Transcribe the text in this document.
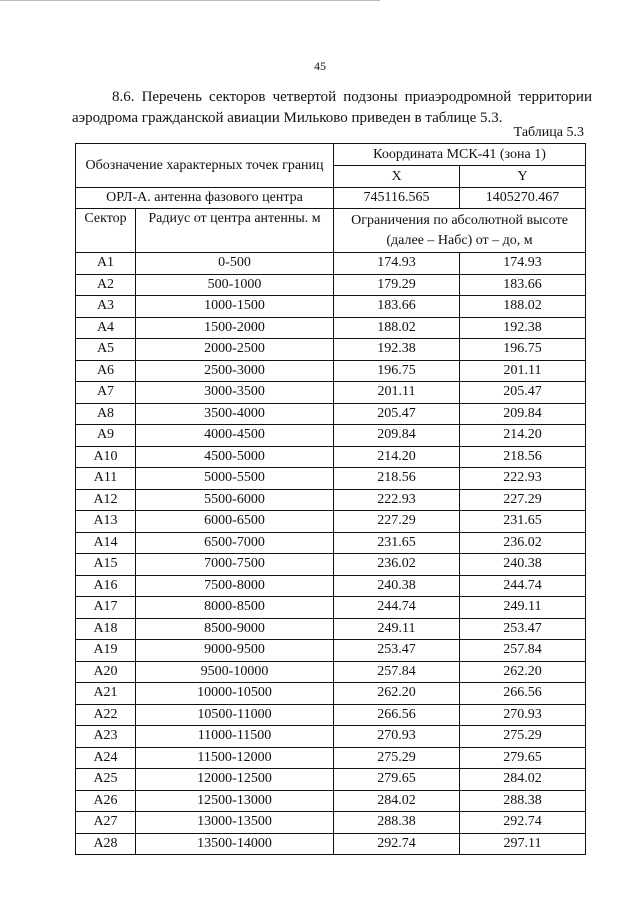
45
8.6. Перечень секторов четвертой подзоны приаэродромной территории
аэродрома гражданской авиации Мильково приведен в таблице 5.3.
Таблица 5.3
Обозначение характерных точек границ		Координата МСК-41 (зона 1)	
		X	Y
ОРЛ-А. антенна фазового центра		745116.565	1405270.467
Сектор	Радиус от центра антенны. м	Ограничения по абсолютной высоте (далее – Набс) от – до, м	
A1	0-500	174.93	174.93
A2	500-1000	179.29	183.66
A3	1000-1500	183.66	188.02
A4	1500-2000	188.02	192.38
A5	2000-2500	192.38	196.75
A6	2500-3000	196.75	201.11
A7	3000-3500	201.11	205.47
A8	3500-4000	205.47	209.84
A9	4000-4500	209.84	214.20
A10	4500-5000	214.20	218.56
A11	5000-5500	218.56	222.93
A12	5500-6000	222.93	227.29
A13	6000-6500	227.29	231.65
A14	6500-7000	231.65	236.02
A15	7000-7500	236.02	240.38
A16	7500-8000	240.38	244.74
A17	8000-8500	244.74	249.11
A18	8500-9000	249.11	253.47
A19	9000-9500	253.47	257.84
A20	9500-10000	257.84	262.20
A21	10000-10500	262.20	266.56
A22	10500-11000	266.56	270.93
A23	11000-11500	270.93	275.29
A24	11500-12000	275.29	279.65
A25	12000-12500	279.65	284.02
A26	12500-13000	284.02	288.38
A27	13000-13500	288.38	292.74
A28	13500-14000	292.74	297.11
